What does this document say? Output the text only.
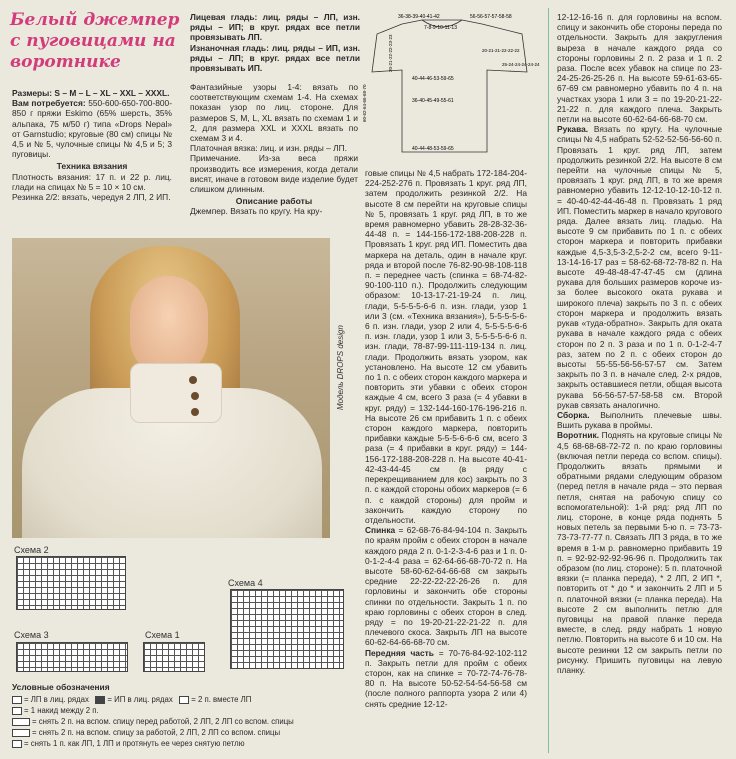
Белый джемпер
с пуговицами на
воротнике

Размеры: S – M – L – XL – XXL – XXXL.

Вам потребуется: 550-600-650-700-800-850 г пряжи Eskimo (65% шерсть, 35% альпака, 75 м/50 г) типа «Drops Nepal» от Garnstudio; круговые (80 см) спицы № 4,5 и № 5, чулочные спицы № 4,5 и 5; 3 пуговицы.

Техника вязания

Плотность вязания: 17 п. и 22 р. лиц. глади на спицах № 5 = 10 × 10 см.

Резинка 2/2: вязать, чередуя 2 ЛП, 2 ИП.

36-38-39-40-41-42	56-56-57-57-58-58
7-8-9-10-11-13
40-44-46-53-59-65
36-40-45-49-55-61
40-44-48-53-59-65
60-62-64-66-68-70
20-21-22-22-23-23	20-21-21-22-22-22
25-24-24-24-24-24

Лицевая гладь: лиц. ряды – ЛП, изн. ряды – ИП; в круг. рядах все петли провязывать ЛП.

Изнаночная гладь: лиц. ряды – ИП, изн. ряды – ЛП; в круг. рядах все петли провязывать ИП.

Фантазийные узоры 1-4: вязать по соответствующим схемам 1-4. На схемах показан узор по лиц. стороне. Для размеров S, M, L, XL вязать по схемам 1 и 2, для размера XXL и XXXL вязать по схемам 3 и 4.

Платочная вязка: лиц. и изн. ряды – ЛП.

Примечание. Из-за веса пряжи производить все измерения, когда детали висят, иначе в готовом виде изделие будет слишком длинным.

Описание работы

Джемпер. Вязать по кругу. На кру-

Модель DROPS design

говые спицы № 4,5 набрать 172-184-204-224-252-276 п. Провязать 1 круг. ряд ЛП, затем продолжить резинкой 2/2. На высоте 8 см перейти на круговые спицы № 5, провязать 1 круг. ряд ЛП, в то же время равномерно убавить 28-28-32-36-44-48 п. = 144-156-172-188-208-228 п. Провязать 1 круг. ряд ИП. Поместить два маркера на деталь, один в начале круг. ряда и второй после 76-82-90-98-108-118 п. = переднее часть (спинка = 68-74-82-90-100-110 п.). Продолжить следующим образом: 10-13-17-21-19-24 п. лиц. глади, 5-5-5-5-6-6 п. изн. глади, узор 1 или 3 (см. «Техника вязания»), 5-5-5-5-6-6 п. изн. глади, узор 2 или 4, 5-5-5-5-6-6 п. изн. глади, узор 1 или 3, 5-5-5-5-6-6 п. изн. глади, 78-87-99-111-119-134 п. лиц. глади. Продолжить вязать узором, как установлено. На высоте 12 см убавить по 1 п. с обеих сторон каждого маркера и повторить эти убавки с обеих сторон каждые 4 см, всего 3 раза (= 4 убавки в круг. ряду) = 132-144-160-176-196-216 п. На высоте 26 см прибавить 1 п. с обеих сторон каждого маркера, повторить прибавки каждые 5-5-5-6-6-6 см, всего 3 раза (= 4 прибавки в круг. ряду) = 144-156-172-188-208-228 п. На высоте 40-41-42-43-44-45 см (в ряду с перекрещиванием для кос) закрыть по 3 п. с каждой стороны обоих маркеров (= 6 п. с каждой стороны) для пройм и закончить каждую сторону по отдельности.

Спинка = 62-68-76-84-94-104 п. Закрыть по краям пройм с обеих сторон в начале каждого ряда 2 п. 0-1-2-3-4-6 раз и 1 п. 0-0-1-2-4-4 раза = 62-64-66-68-70-72 п. На высоте 58-60-62-64-66-68 см закрыть средние 22-22-22-22-26-26 п. для горловины и закончить обе стороны спинки по отдельности. Закрыть 1 п. по краю горловины с обеих сторон в след. ряду = по 19-20-21-22-21-22 п. для плечевого скоса. Закрыть ЛП на высоте 60-62-64-66-68-70 см.

Передняя часть = 70-76-84-92-102-112 п. Закрыть петли для пройм с обеих сторон, как на спинке = 70-72-74-76-78-80 п. На высоте 50-52-54-54-56-58 см (после полного раппорта узора 2 или 4) снять средние 12-12-

12-12-16-16 п. для горловины на вспом. спицу и закончить обе стороны переда по отдельности. Закрыть для закругления выреза в начале каждого ряда со стороны горловины 2 п. 2 раза и 1 п. 2 раза. После всех убавок на спице по 23-24-25-26-25-26 п. На высоте 59-61-63-65-67-69 см равномерно убавить по 4 п. на участках узора 1 или 3 = по 19-20-21-22-21-22 п. для каждого плеча. Закрыть петли на высоте 60-62-64-66-68-70 см.

Рукава. Вязать по кругу. На чулочные спицы № 4,5 набрать 52-52-52-56-56-60 п. Провязать 1 круг. ряд ЛП, затем продолжить резинкой 2/2. На высоте 8 см перейти на чулочные спицы № 5, провязать 1 круг. ряд ЛП, в то же время равномерно убавить 12-12-10-12-10-12 п. = 40-40-42-44-46-48 п. Провязать 1 ряд ИП. Поместить маркер в начало кругового ряда. Далее вязать лиц. гладью. На высоте 9 см прибавить по 1 п. с обеих сторон маркера и повторить прибавки каждые 4,5-3,5-3-2,5-2-2 см, всего 9-11-13-14-16-17 раз = 58-62-68-72-78-82 п. На высоте 49-48-48-47-47-45 см (длина рукава для больших размеров короче из-за более высокого оката рукава и широкого плеча) закрыть по 3 п. с обеих сторон маркера и продолжить вязать рукав «туда-обратно». Закрыть для оката рукава в начале каждого ряда с обеих сторон по 2 п. 3 раза и по 1 п. 0-1-2-4-7 раз, затем по 2 п. с обеих сторон до высоты 55-55-56-56-57-57 см. Затем закрыть по 3 п. в начале след. 2-х рядов, закрыть оставшиеся петли, общая высота рукава 56-56-57-57-58-58 см. Второй рукав связать аналогично.

Сборка. Выполнить плечевые швы. Вшить рукава в проймы.

Воротник. Поднять на круговые спицы № 4,5 68-68-68-72-72 п. по краю горловины (включая петли переда со вспом. спицы). Продолжить вязать прямыми и обратными рядами следующим образом (перед петля в начале ряда – это первая петля, снятая на рабочую спицу со вспомогательной): 1-й ряд: ряд ЛП по лиц. стороне, в конце ряда поднять 5 новых петель за первыми 5-ю п. = 73-73-73-73-77-77 п. Связать ЛП 3 ряда, в то же время в 1-м р. равномерно прибавить 19 п. = 92-92-92-92-96-96 п. Продолжить так образом (по лиц. стороне): 5 п. платочной вязки (= планка переда), * 2 ЛП, 2 ИП *, повторить от * до * и закончить 2 ЛП и 5 п. платочной вязки (= планка переда). На высоте 2 см выполнить петлю для пуговицы на правой планке переда вместе, в след. ряду набрать 1 новую петлю. Повторить на высоте 6 и 10 см. На высоте резинки 12 см закрыть петли по рисунку. Пришить пуговицы на левую планку.

Схема 2
Схема 4
Схема 3	Схема 1
Условные обозначения
= ЛП в лиц. рядах = ИП в лиц. рядах = 2 п. вместе ЛП
= 1 накид между 2 п.
= снять 2 п. на вспом. спицу перед работой, 2 ЛП, 2 ЛП со вспом. спицы
= снять 2 п. на вспом. спицу за работой, 2 ЛП, 2 ЛП со вспом. спицы
= снять 1 п. как ЛП, 1 ЛП и протянуть ее через снятую петлю
